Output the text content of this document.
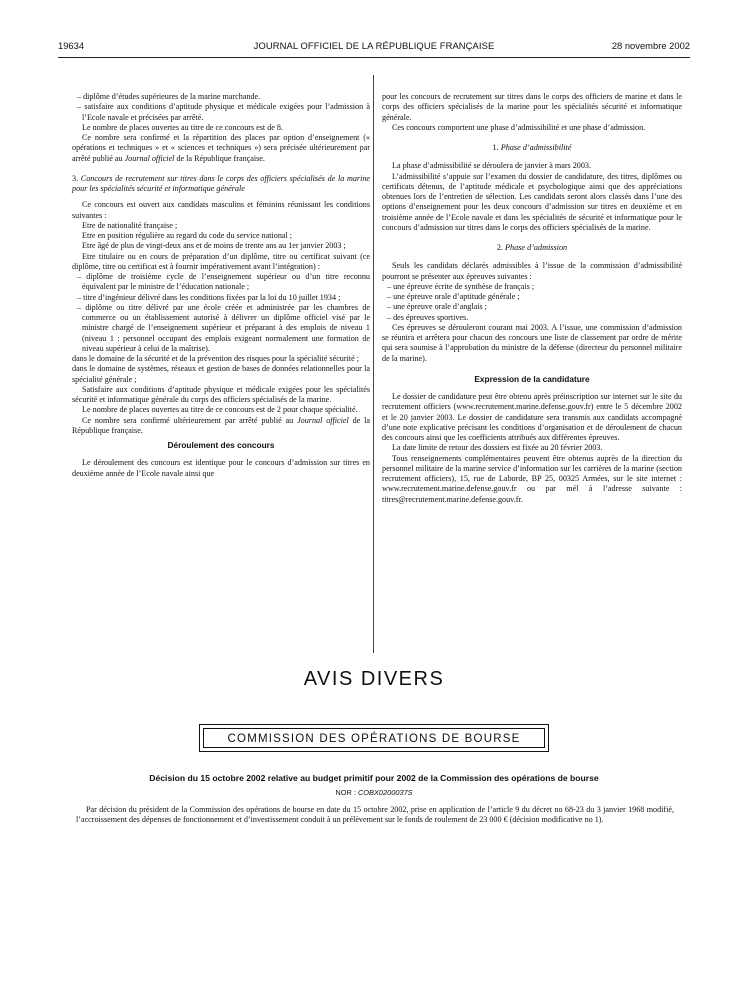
19634	JOURNAL OFFICIEL DE LA RÉPUBLIQUE FRANÇAISE	28 novembre 2002

– diplôme d’études supérieures de la marine marchande.

– satisfaire aux conditions d’aptitude physique et médicale exigées pour l’admission à l’Ecole navale et précisées par arrêté.

Le nombre de places ouvertes au titre de ce concours est de 8.

Ce nombre sera confirmé et la répartition des places par option d’enseignement (« opérations et techniques » et « sciences et techniques ») sera précisée ultérieurement par arrêté publié au Journal officiel de la République française.

3. Concours de recrutement sur titres dans le corps des officiers spécialisés de la marine pour les spécialités sécurité et informatique générale

Ce concours est ouvert aux candidats masculins et féminins réunissant les conditions suivantes :

Etre de nationalité française ;

Etre en position régulière au regard du code du service national ;

Etre âgé de plus de vingt-deux ans et de moins de trente ans au 1er janvier 2003 ;

Etre titulaire ou en cours de préparation d’un diplôme, titre ou certificat suivant (ce diplôme, titre ou certificat est à fournir impérativement avant l’intégration) :

– diplôme de troisième cycle de l’enseignement supérieur ou d’un titre reconnu équivalent par le ministre de l’éducation nationale ;

– titre d’ingénieur délivré dans les conditions fixées par la loi du 10 juillet 1934 ;

– diplôme ou titre délivré par une école créée et administrée par les chambres de commerce ou un établissement autorisé à délivrer un diplôme officiel visé par le ministre chargé de l’enseignement supérieur et préparant à des emplois de niveau 1 (niveau 1 : personnel occupant des emplois exigeant normalement une formation de niveau supérieur à celui de la maîtrise).

dans le domaine de la sécurité et de la prévention des risques pour la spécialité sécurité ;

dans le domaine de systèmes, réseaux et gestion de bases de données relationnelles pour la spécialité générale ;

Satisfaire aux conditions d’aptitude physique et médicale exigées pour les spécialités sécurité et informatique générale du corps des officiers spécialisés de la marine.

Le nombre de places ouvertes au titre de ce concours est de 2 pour chaque spécialité.

Ce nombre sera confirmé ultérieurement par arrêté publié au Journal officiel de la République française.

Déroulement des concours

Le déroulement des concours est identique pour le concours d’admission sur titres en deuxième année de l’Ecole navale ainsi que

pour les concours de recrutement sur titres dans le corps des officiers de marine et dans le corps des officiers spécialisés de la marine pour les spécialités sécurité et informatique générale.

Ces concours comportent une phase d’admissibilité et une phase d’admission.

1. Phase d’admissibilité

La phase d’admissibilité se déroulera de janvier à mars 2003.

L’admissibilité s’appuie sur l’examen du dossier de candidature, des titres, diplômes ou certificats détenus, de l’aptitude médicale et psychologique ainsi que des appréciations obtenues lors de l’entretien de sélection. Les candidats seront alors classés dans l’une des options d’enseignement pour les deux concours d’admission sur titres en deuxième et en troisième année de l’Ecole navale et dans les spécialités de sécurité et informatique pour le concours d’admission sur titres dans le corps des officiers spécialisés de la marine.

2. Phase d’admission

Seuls les candidats déclarés admissibles à l’issue de la commission d’admissibilité pourront se présenter aux épreuves suivantes :

– une épreuve écrite de synthèse de français ;

– une épreuve orale d’aptitude générale ;

– une épreuve orale d’anglais ;

– des épreuves sportives.

Ces épreuves se dérouleront courant mai 2003. A l’issue, une commission d’admission se réunira et arrêtera pour chacun des concours une liste de classement par ordre de mérite qui sera soumise à l’approbation du ministre de la défense (directeur du personnel militaire de la marine).

Expression de la candidature

Le dossier de candidature peut être obtenu après préinscription sur internet sur le site du recrutement officiers (www.recrutement.marine.defense.gouv.fr) entre le 5 décembre 2002 et le 20 janvier 2003. Le dossier de candidature sera transmis aux candidats accompagné d’une note explicative précisant les conditions d’organisation et de déroulement de chacun des concours ainsi que les coefficients attribués aux différentes épreuves.

La date limite de retour des dossiers est fixée au 20 février 2003.

Tous renseignements complémentaires peuvent être obtenus auprès de la direction du personnel militaire de la marine service d’information sur les carrières de la marine (section recrutement officiers), 15, rue de Laborde, BP 25, 00325 Armées, sur le site internet : www.recrutement.marine.defense.gouv.fr ou par mél à l’adresse suivante : titres@recrutement.marine.defense.gouv.fr.

AVIS DIVERS
COMMISSION DES OPÉRATIONS DE BOURSE
Décision du 15 octobre 2002 relative au budget primitif pour 2002 de la Commission des opérations de bourse
NOR : COBX0200037S

Par décision du président de la Commission des opérations de bourse en date du 15 octobre 2002, prise en application de l’article 9 du décret no 68-23 du 3 janvier 1968 modifié, l’accroissement des dépenses de fonctionnement et d’investissement conduit à un prélèvement sur le fonds de roulement de 23 000 € (décision modificative no 1).
